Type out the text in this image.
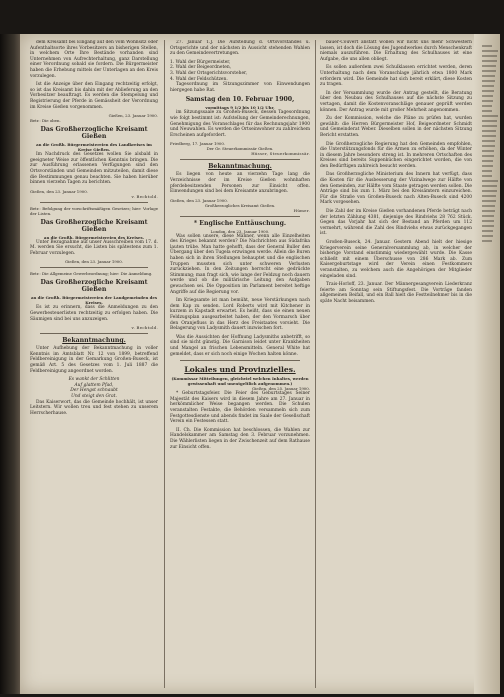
dem Kreisamt bei Eingang auf den vom Wohnsitz oder Aufenthaltsorte ihres Vorbesitzers an bisherigen Stellen, in welchem Orte Ihre Bestände vorhanden sind Unternehmen von Aufrechterhaltung, ganz Darstellung einer Verordnung sobald sie fordern. Die Bürgermeister haben die Erhebung mittels der Unterlagen an den Kreis vorzulegen.

Ist die Anzeige über den Eingang rechtzeitig erfolgt, so ist das Kreisamt bis dahin mit der Ablieferung an den Vorbesitzer beauftragt. Es werden die Stempelung und Registrierung der Pferde in Gemässheit der Verordnung im Kreise Gießen vorgenommen.

Gießen, 23. Januar 1900.
Betr.: Die oben.
Das Großherzogliche Kreisamt Gießen
an die Großh. Bürgermeistereien des Landkreises im Kreise Gießen.

Im Nachdruck des Gesetzes wollen Sie alsbald in geeigneter Weise zur öffentlichen Kenntnis bringen. Die zur Ausführung erlassenen Verfügungen sind den Ortsvorständen und Gemeinden mitzuteilen, damit diese die Bestimmungen genau beachten. Sie haben hierüber binnen vierzehn Tagen zu berichten.

Gießen, den 23. Januar 1900.
v. Bechtold.
Betr.: Befolgung der vorschriftsmäßigen Gesetzes; hier: Vorlage der Listen.
Das Großherzogliche Kreisamt Gießen
an die Großh. Bürgermeistereien des Kreises.

Unter Bezugnahme auf unser Ausschreiben vom 17. d. M. werden Sie ersucht, die Listen bis spätestens zum 1. Februar vorzulegen.

Gießen, den 23. Januar 1900.
Betr.: Die Allgemeine Gewerbeordnung; hier: Die Anmeldung.
Das Großherzogliche Kreisamt Gießen
an die Großh. Bürgermeistereien der Landgemeinden des Kreises.

Es ist zu erinnern, dass die Anmeldungen zu den Gewerbesteuerlisten rechtzeitig zu erfolgen haben. Die Säumigen sind bei uns anzuzeigen.

v. Bechtold.
Bekanntmachung.

Unter Aufhebung der Bekanntmachung in voller Kenntnis im Amtsblatt Nr. 12 von 1899, betreffend Feldbereinigung in der Gemarkung Großen-Buseck, ist gemäß Art. 5 des Gesetzes vom 1. Juli 1887 die Feldbereinigung angeordnet worden.

Es wankt der Schlitten
Auf glattem Pfad,
Der Hengst schnaubt
Und steigt den Grat.

Das Kaiserwort, das die Gemeinde hochhält, ist unser Leitstern. Wir wollen treu und fest stehen zu unserem Herrscherhause.

27. Januar 1.J. Die Aufstellung d. Ortsvorstandes u. Ortsgerichte und der nächsten in Aussicht stehenden Wahlen zu den Gemeindevertretungen.

1. Wahl der Bürgermeister,
2. Wahl der Beigeordneten,
3. Wahl der Ortsgerichtsvorsteher,
4. Wahl der Feldschützen.

Tagesordnung im Sitzungszimmer von Einwendungen hiergegen habe Rat.

Samstag den 10. Februar 1900,
vormittags 9 1/2 bis 10 1/2 Uhr,

im Sitzungssaale zu Großen-Buseck, dessen Tagesordnung wie folgt bestimmt ist: Aufstellung der Gemeinderechnungen, Genehmigung des Voranschlages für das Rechnungsjahr 1900 und Neuwahlen. Es werden die Ortseinwohner zu zahlreichem Erscheinen aufgefordert.

Friedberg, 17. Januar 1900.
Der Gr. Steuerkommissär Gießen.
Hüsser, Steuerkommissär.
Bekanntmachung.

Es liegen von heute an vierzehn Tage lang die Verzeichnisse der im Kreise Gießen wohnhaften pferdebesitzenden Personen zur Einsicht offen. Einwendungen sind bei dem Kreisamte anzubringen.

Gießen, den 23. Januar 1900.
Großherzogliches Kreisamt Gießen.
Hümer.
* Englische Enttäuschung.
London, den 23. Januar 1900.

Was sollen unsere, diese Männer, wenn alle Einzelheiten des Krieges bekannt werden? Die Nachrichten aus Südafrika lauten trübe. Man hatte gehofft, dass der General Buller den Übergang über den Tugela erzwingen werde. Allein die Buren haben sich in ihren Stellungen behauptet und die englischen Truppen mussten sich unter schweren Verlusten zurückziehen. In den Zeitungen herrscht eine gedrückte Stimmung; man fragt sich, wie lange der Feldzug noch dauern werde und ob die militärische Leitung den Aufgaben gewachsen sei. Die Opposition im Parlament bereitet heftige Angriffe auf die Regierung vor.

Im Kriegsamte ist man bemüht, neue Verstärkungen nach dem Kap zu senden. Lord Roberts wird mit Kitchener in kurzem in Kapstadt erwartet. Es heißt, dass sie einen neuen Feldzugsplan ausgearbeitet haben, der den Vormarsch über den Oranjefluss in das Herz des Freistaates vorsieht. Die Belagerung von Ladysmith dauert inzwischen fort.

Was die Aussichten der Hoffnung Ladysmiths anbetrifft, so sind sie nicht günstig. Die Garnison leidet unter Krankheiten und Mangel an frischen Lebensmitteln. General White hat gemeldet, dass er sich noch einige Wochen halten könne.

Lokales und Provinzielles.
(Kommissar Mitteilungen, gleichviel welchen Inhaltes, werden gewissenhaft und unentgeltlich aufgenommen.)
Gießen, den 25. Januar 1900.

* Geburtstagsfeier. Die Feier des Geburtstages Seiner Majestät des Kaisers wird in diesem Jahre am 27. Januar in herkömmlicher Weise begangen werden. Die Schulen veranstalten Festakte, die Behörden versammeln sich zum Festgottesdienste und abends findet im Saale der Gesellschaft Verein ein Festessen statt.

II. Ch. Die Kommission hat beschlossen, die Wahlen zur Handelskammer am Samstag den 3. Februar vorzunehmen. Die Wählerlisten liegen in der Zwischenzeit auf dem Rathause zur Einsicht offen.

bauer-Couvert anstatt wollen wir nicht uns mehr Schwestern lassen, ist doch die Lösung des Jugendwerkes durch Menschenkraft niemals auszuführen. Die Erhaltung des Schulhauses ist eine Aufgabe, die uns allen obliegt.

Es sollen außerdem zwei Schulklassen errichtet werden, deren Unterhaltung nach dem Voranschlage jährlich etwa 1800 Mark erfordern wird. Die Gemeinde hat sich bereit erklärt, diese Kosten zu tragen.

In der Versammlung wurde der Antrag gestellt, die Beratung über den Neubau des Schulhauses auf die nächste Sitzung zu vertagen, damit die Kostenvoranschläge genauer geprüft werden können. Der Antrag wurde mit großer Mehrheit angenommen.

Zu der Kommission, welche die Pläne zu prüfen hat, wurden gewählt: die Herren Bürgermeister Hof, Beigeordneter Schmidt und Gemeinderat Weber. Dieselben sollen in der nächsten Sitzung Bericht erstatten.

Die Großherzogliche Regierung hat den Gemeinden empfohlen, die Unterstützungsfonds für die Armen zu erhöhen, da der Winter in diesem Jahre besonders streng ist. In mehreren Ortschaften des Kreises sind bereits Suppenküchen eingerichtet worden, die von den Bedürftigen zahlreich besucht werden.

Das Großherzogliche Ministerium des Innern hat verfügt, dass die Kosten für die Ausbesserung der Vizinalwege zur Hälfte von den Gemeinden, zur Hälfte vom Staate getragen werden sollen. Die Anträge sind bis zum 1. März bei den Kreisämtern einzureichen. Für die Straße von Großen-Buseck nach Alten-Buseck sind 4200 Mark vorgesehen.

Die Zahl der im Kreise Gießen vorhandenen Pferde beträgt nach der letzten Zählung 4381, diejenige des Rindviehs 28 762 Stück. Gegen das Vorjahr hat sich der Bestand an Pferden um 112 vermehrt, während die Zahl des Rindviehs etwas zurückgegangen ist.

Großen-Buseck, 24. Januar. Gestern Abend hielt der hiesige Kriegerverein seine Generalversammlung ab, in welcher der bisherige Vorstand einstimmig wiedergewählt wurde. Die Kasse schließt mit einem Überschusse von 286 Mark ab. Zum Kaisergeburtstage wird der Verein einen Festkommers veranstalten, zu welchem auch die Angehörigen der Mitglieder eingeladen sind.

Trais-Horloff, 23. Januar. Der Männergesangverein Liederkranz feierte am Sonntag sein Stiftungsfest. Die Vorträge fanden allgemeinen Beifall, und ein Ball hielt die Festteilnehmer bis in die späte Nacht beisammen.
